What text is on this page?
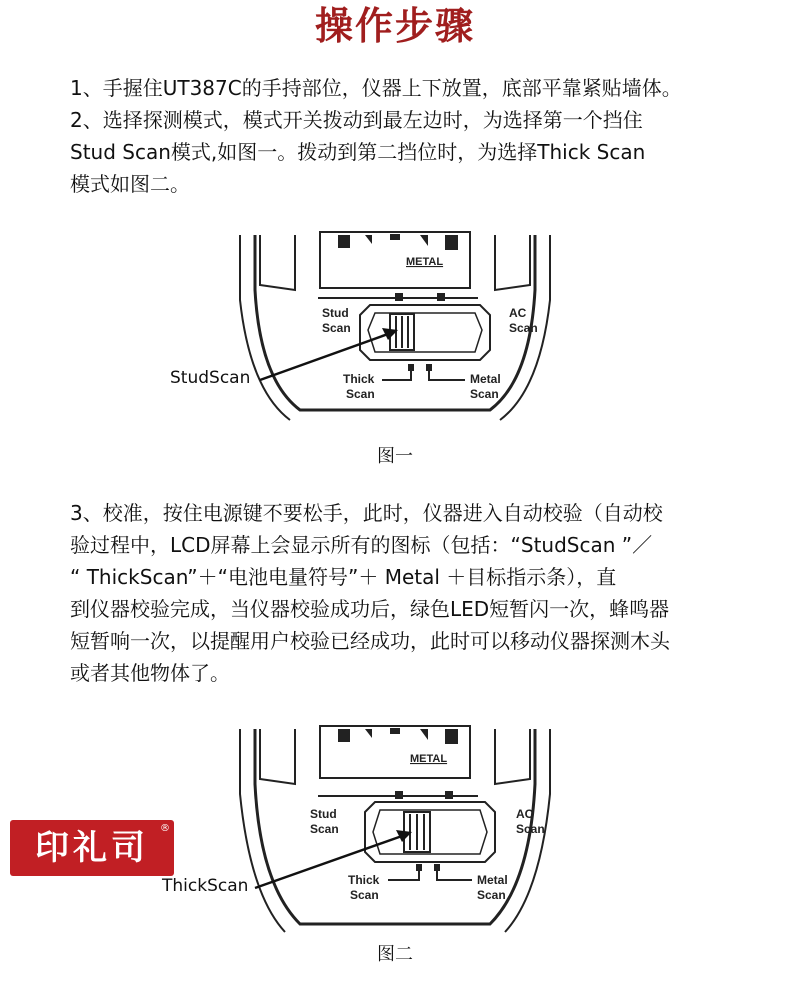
操作步骤
1、手握住UT387C的手持部位，仪器上下放置，底部平靠紧贴墙体。
2、选择探测模式，模式开关拨动到最左边时，为选择第一个挡住
Stud Scan模式,如图一。拨动到第二挡位时，为选择Thick Scan
模式如图二。
Stud
Scan
AC
Scan
Thick
Scan
Metal
Scan
METAL
StudScan
图一
3、校准，按住电源键不要松手，此时，仪器进入自动校验（自动校
验过程中，LCD屏幕上会显示所有的图标（包括：“StudScan ”／
“ ThickScan”＋“电池电量符号”＋ Metal ＋目标指示条），直
到仪器校验完成，当仪器校验成功后，绿色LED短暂闪一次，蜂鸣器
短暂响一次，以提醒用户校验已经成功，此时可以移动仪器探测木头
或者其他物体了。
Stud
Scan
AC
Scan
Thick
Scan
Metal
Scan
METAL
ThickScan
图二
印礼司	®
